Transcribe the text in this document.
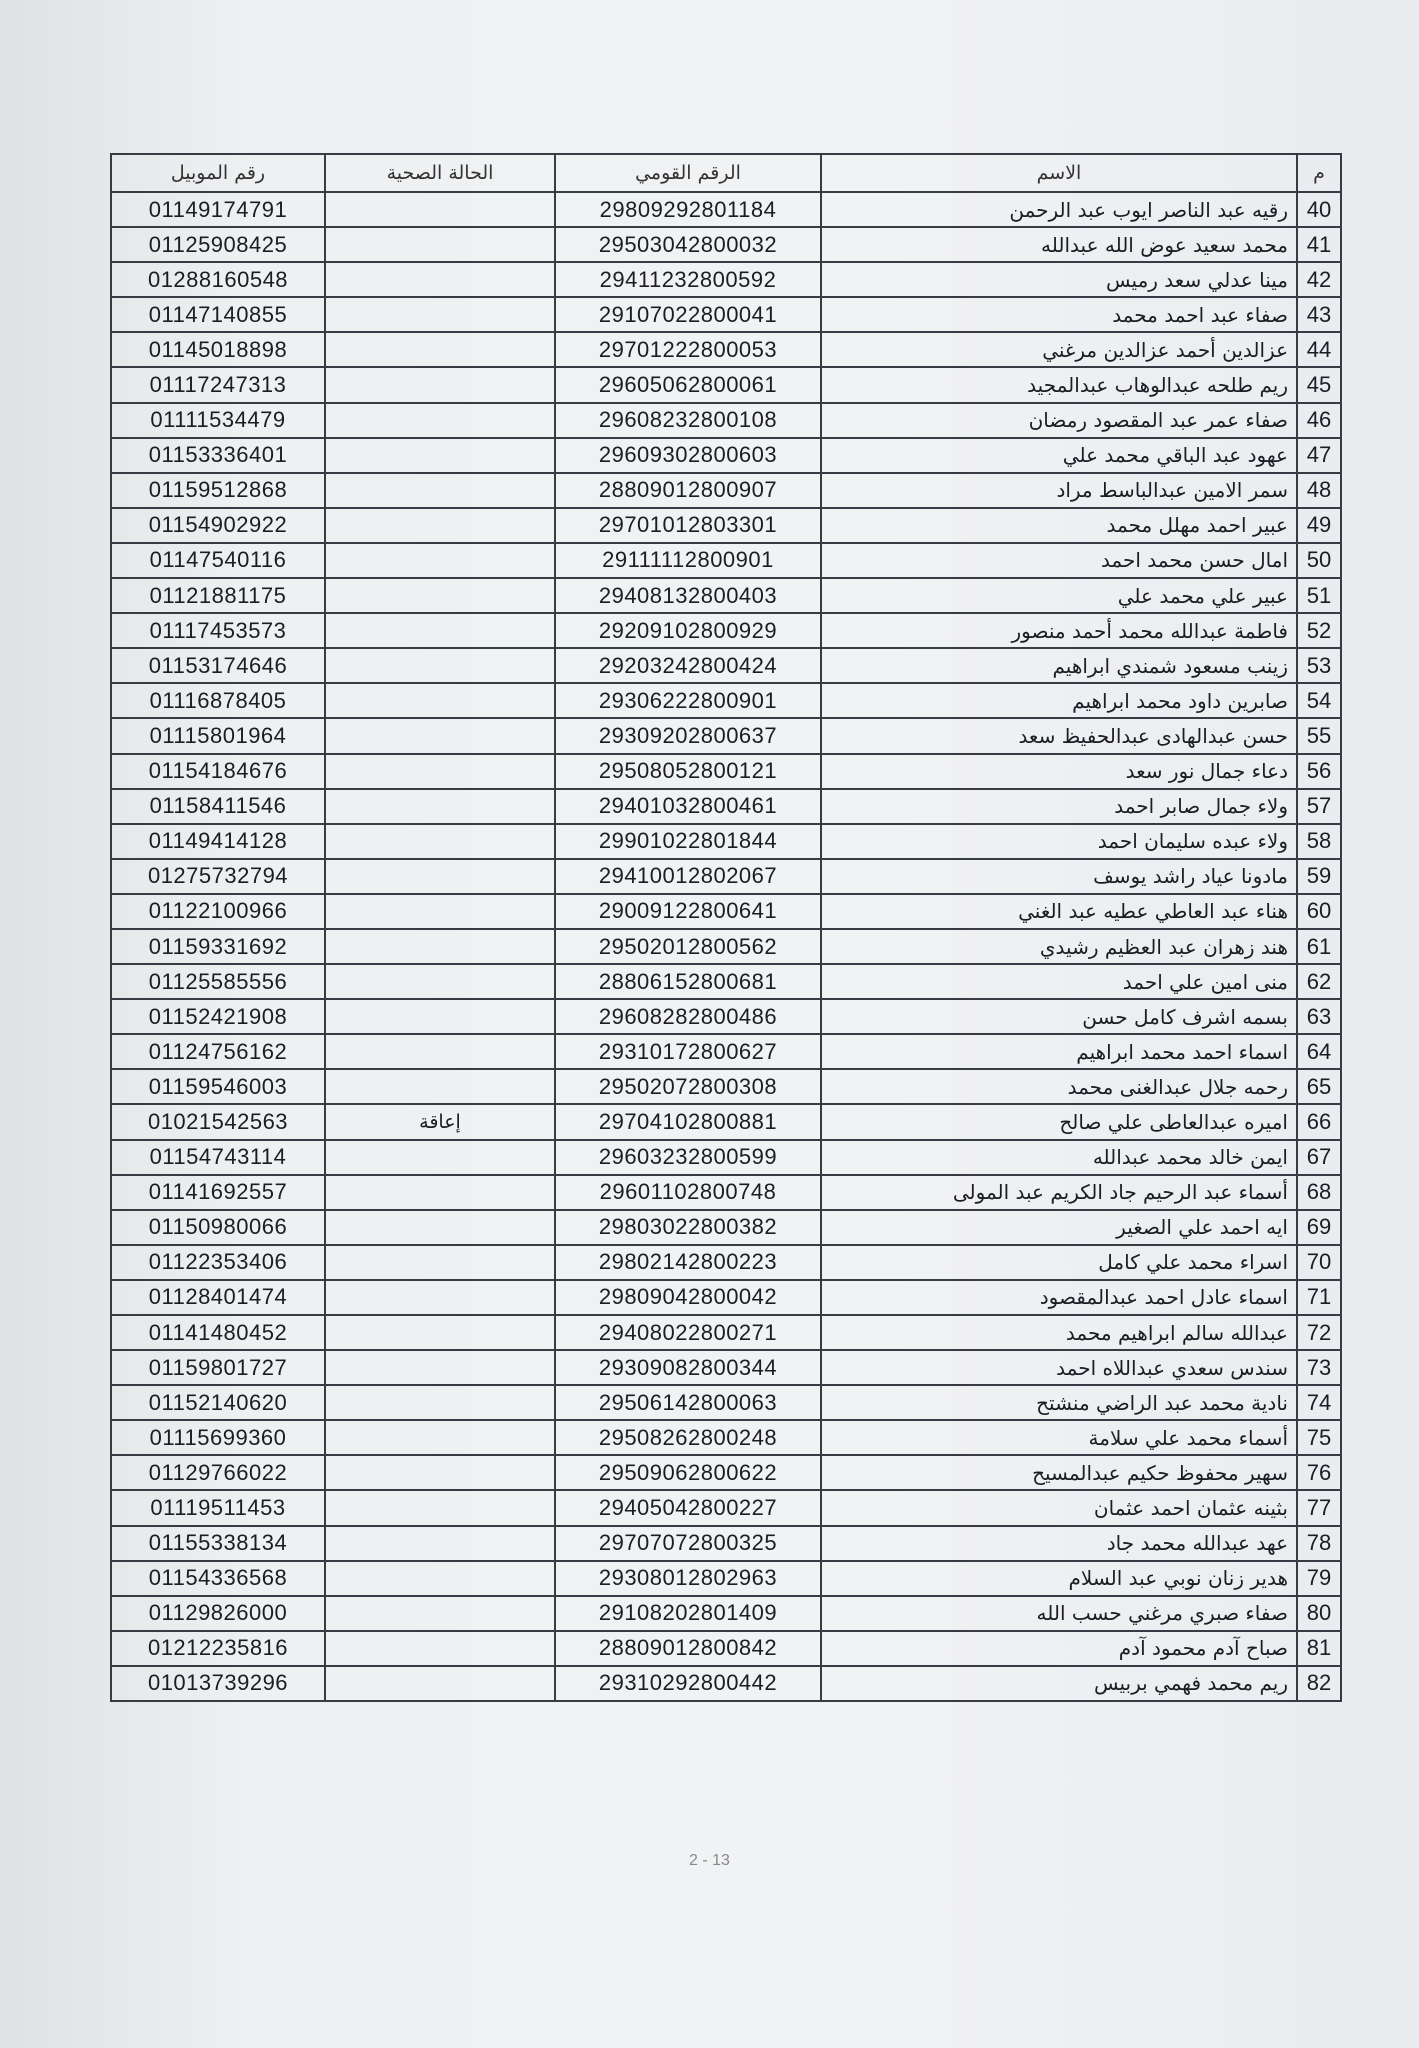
م	الاسم	الرقم القومي	الحالة الصحية	رقم الموبيل
40	رقيه عبد الناصر ايوب عبد الرحمن	29809292801184		01149174791
41	محمد سعيد عوض الله عبدالله	29503042800032		01125908425
42	مينا عدلي سعد رميس	29411232800592		01288160548
43	صفاء عبد احمد محمد	29107022800041		01147140855
44	عزالدين أحمد عزالدين مرغني	29701222800053		01145018898
45	ريم طلحه عبدالوهاب عبدالمجيد	29605062800061		01117247313
46	صفاء عمر عبد المقصود رمضان	29608232800108		01111534479
47	عهود عبد الباقي محمد علي	29609302800603		01153336401
48	سمر الامين عبدالباسط مراد	28809012800907		01159512868
49	عبير احمد مهلل محمد	29701012803301		01154902922
50	امال حسن محمد احمد	29111112800901		01147540116
51	عبير علي محمد علي	29408132800403		01121881175
52	فاطمة عبدالله محمد أحمد منصور	29209102800929		01117453573
53	زينب مسعود شمندي ابراهيم	29203242800424		01153174646
54	صابرين داود محمد ابراهيم	29306222800901		01116878405
55	حسن عبدالهادى عبدالحفيظ سعد	29309202800637		01115801964
56	دعاء جمال نور سعد	29508052800121		01154184676
57	ولاء جمال صابر احمد	29401032800461		01158411546
58	ولاء عبده سليمان احمد	29901022801844		01149414128
59	مادونا عياد راشد يوسف	29410012802067		01275732794
60	هناء عبد العاطي عطيه عبد الغني	29009122800641		01122100966
61	هند زهران عبد العظيم رشيدي	29502012800562		01159331692
62	منى امين علي احمد	28806152800681		01125585556
63	بسمه اشرف كامل حسن	29608282800486		01152421908
64	اسماء احمد محمد ابراهيم	29310172800627		01124756162
65	رحمه جلال عبدالغنى محمد	29502072800308		01159546003
66	اميره عبدالعاطى علي صالح	29704102800881	إعاقة	01021542563
67	ايمن خالد محمد عبدالله	29603232800599		01154743114
68	أسماء عبد الرحيم جاد الكريم عبد المولى	29601102800748		01141692557
69	ايه احمد علي الصغير	29803022800382		01150980066
70	اسراء محمد علي كامل	29802142800223		01122353406
71	اسماء عادل احمد عبدالمقصود	29809042800042		01128401474
72	عبدالله سالم ابراهيم محمد	29408022800271		01141480452
73	سندس سعدي عبداللاه احمد	29309082800344		01159801727
74	نادية محمد عبد الراضي منشتح	29506142800063		01152140620
75	أسماء محمد علي سلامة	29508262800248		01115699360
76	سهير محفوظ حكيم عبدالمسيح	29509062800622		01129766022
77	بثينه عثمان احمد عثمان	29405042800227		01119511453
78	عهد عبدالله محمد جاد	29707072800325		01155338134
79	هدير زنان نوبي عبد السلام	29308012802963		01154336568
80	صفاء صبري مرغني حسب الله	29108202801409		01129826000
81	صباح آدم محمود آدم	28809012800842		01212235816
82	ريم محمد فهمي بربيس	29310292800442		01013739296
2 - 13
